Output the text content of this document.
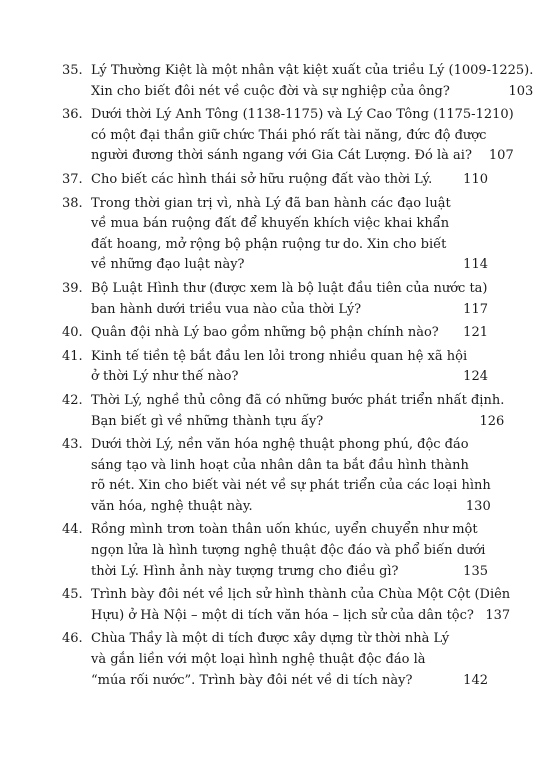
35. Lý Thường Kiệt là một nhân vật kiệt xuất của triều Lý (1009-1225).
Xin cho biết đôi nét về cuộc đời và sự nghiệp của ông?	103
36. Dưới thời Lý Anh Tông (1138-1175) và Lý Cao Tông (1175-1210)
có một đại thần giữ chức Thái phó rất tài năng, đức độ được
người đương thời sánh ngang với Gia Cát Lượng. Đó là ai?	107
37. Cho biết các hình thái sở hữu ruộng đất vào thời Lý.	110
38. Trong thời gian trị vì, nhà Lý đã ban hành các đạo luật
về mua bán ruộng đất để khuyến khích việc khai khẩn
đất hoang, mở rộng bộ phận ruộng tư do. Xin cho biết
về những đạo luật này?	114
39. Bộ Luật Hình thư (được xem là bộ luật đầu tiên của nước ta)
ban hành dưới triều vua nào của thời Lý?	117
40. Quân đội nhà Lý bao gồm những bộ phận chính nào?	121
41. Kinh tế tiền tệ bắt đầu len lỏi trong nhiều quan hệ xã hội
ở thời Lý như thế nào?	124
42. Thời Lý, nghề thủ công đã có những bước phát triển nhất định.
Bạn biết gì về những thành tựu ấy?	126
43. Dưới thời Lý, nền văn hóa nghệ thuật phong phú, độc đáo
sáng tạo và linh hoạt của nhân dân ta bắt đầu hình thành
rõ nét. Xin cho biết vài nét về sự phát triển của các loại hình
văn hóa, nghệ thuật này.	130
44. Rồng mình trơn toàn thân uốn khúc, uyển chuyển như một
ngọn lửa là hình tượng nghệ thuật độc đáo và phổ biến dưới
thời Lý. Hình ảnh này tượng trưng cho điều gì?	135
45. Trình bày đôi nét về lịch sử hình thành của Chùa Một Cột (Diên
Hựu) ở Hà Nội – một di tích văn hóa – lịch sử của dân tộc? 137
46. Chùa Thầy là một di tích được xây dựng từ thời nhà Lý
và gắn liền với một loại hình nghệ thuật độc đáo là
“múa rối nước”. Trình bày đôi nét về di tích này?	142
